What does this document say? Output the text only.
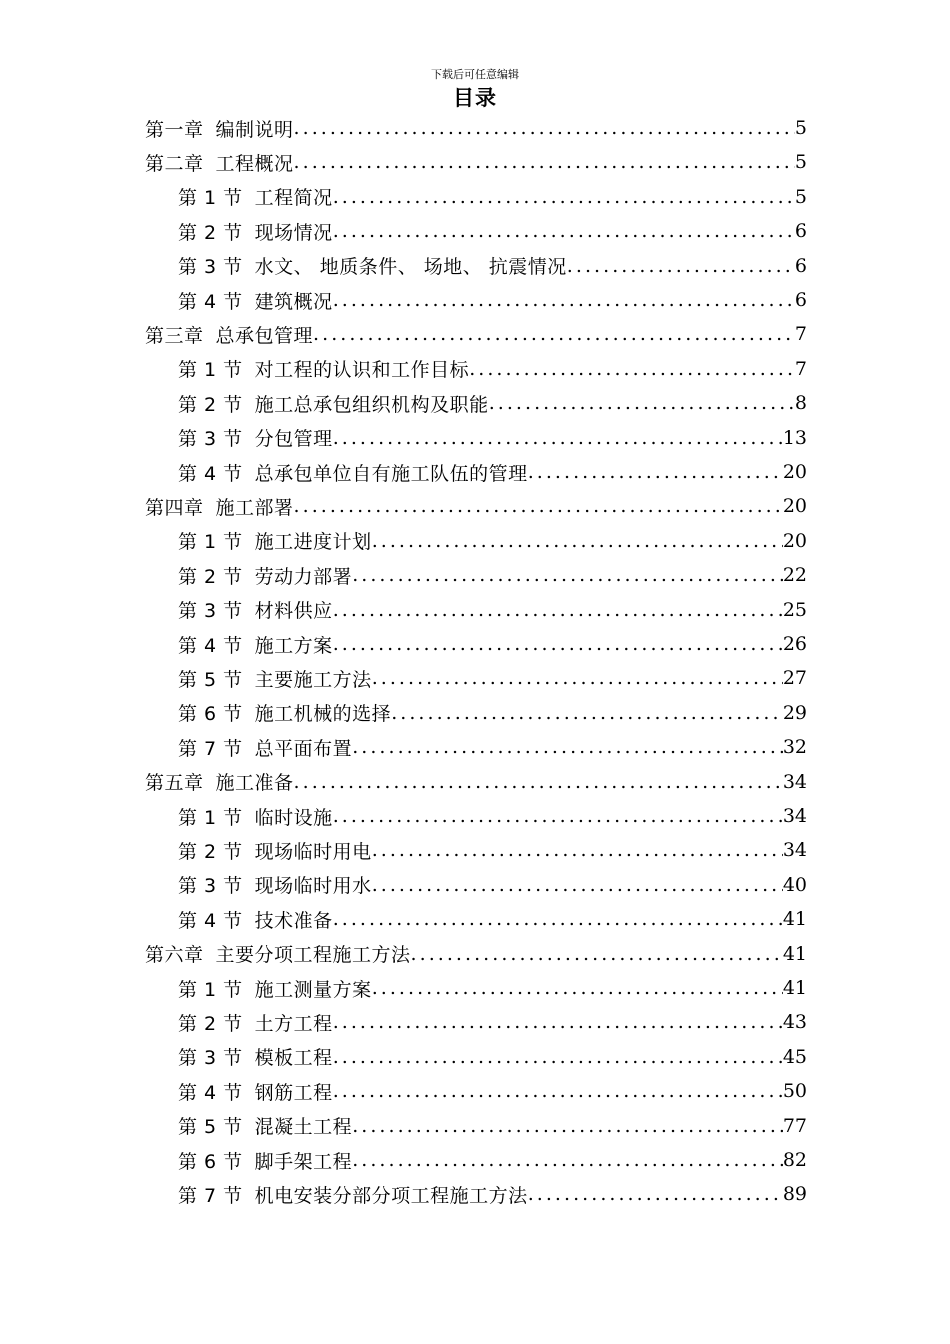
下载后可任意编辑
目录
第一章 编制说明 . . .	5
第二章 工程概况 . . .	5
第 1 节 工程简况 . . .	5
第 2 节 现场情况 . . .	6
第 3 节 水文、 地质条件、 场地、 抗震情况 . . .	6
第 4 节 建筑概况 . . .	6
第三章 总承包管理 . . .	7
第 1 节 对工程的认识和工作目标 . . .	7
第 2 节 施工总承包组织机构及职能 . . .	8
第 3 节 分包管理 . . .	13
第 4 节 总承包单位自有施工队伍的管理 . . .	20
第四章 施工部署 . . .	20
第 1 节 施工进度计划 . . .	20
第 2 节 劳动力部署 . . .	22
第 3 节 材料供应 . . .	25
第 4 节 施工方案 . . .	26
第 5 节 主要施工方法 . . .	27
第 6 节 施工机械的选择 . . .	29
第 7 节 总平面布置 . . .	32
第五章 施工准备 . . .	34
第 1 节 临时设施 . . .	34
第 2 节 现场临时用电 . . .	34
第 3 节 现场临时用水 . . .	40
第 4 节 技术准备 . . .	41
第六章 主要分项工程施工方法 . . .	41
第 1 节 施工测量方案 . . .	41
第 2 节 土方工程 . . .	43
第 3 节 模板工程 . . .	45
第 4 节 钢筋工程 . . .	50
第 5 节 混凝土工程 . . .	77
第 6 节 脚手架工程 . . .	82
第 7 节 机电安装分部分项工程施工方法 . . .	89
